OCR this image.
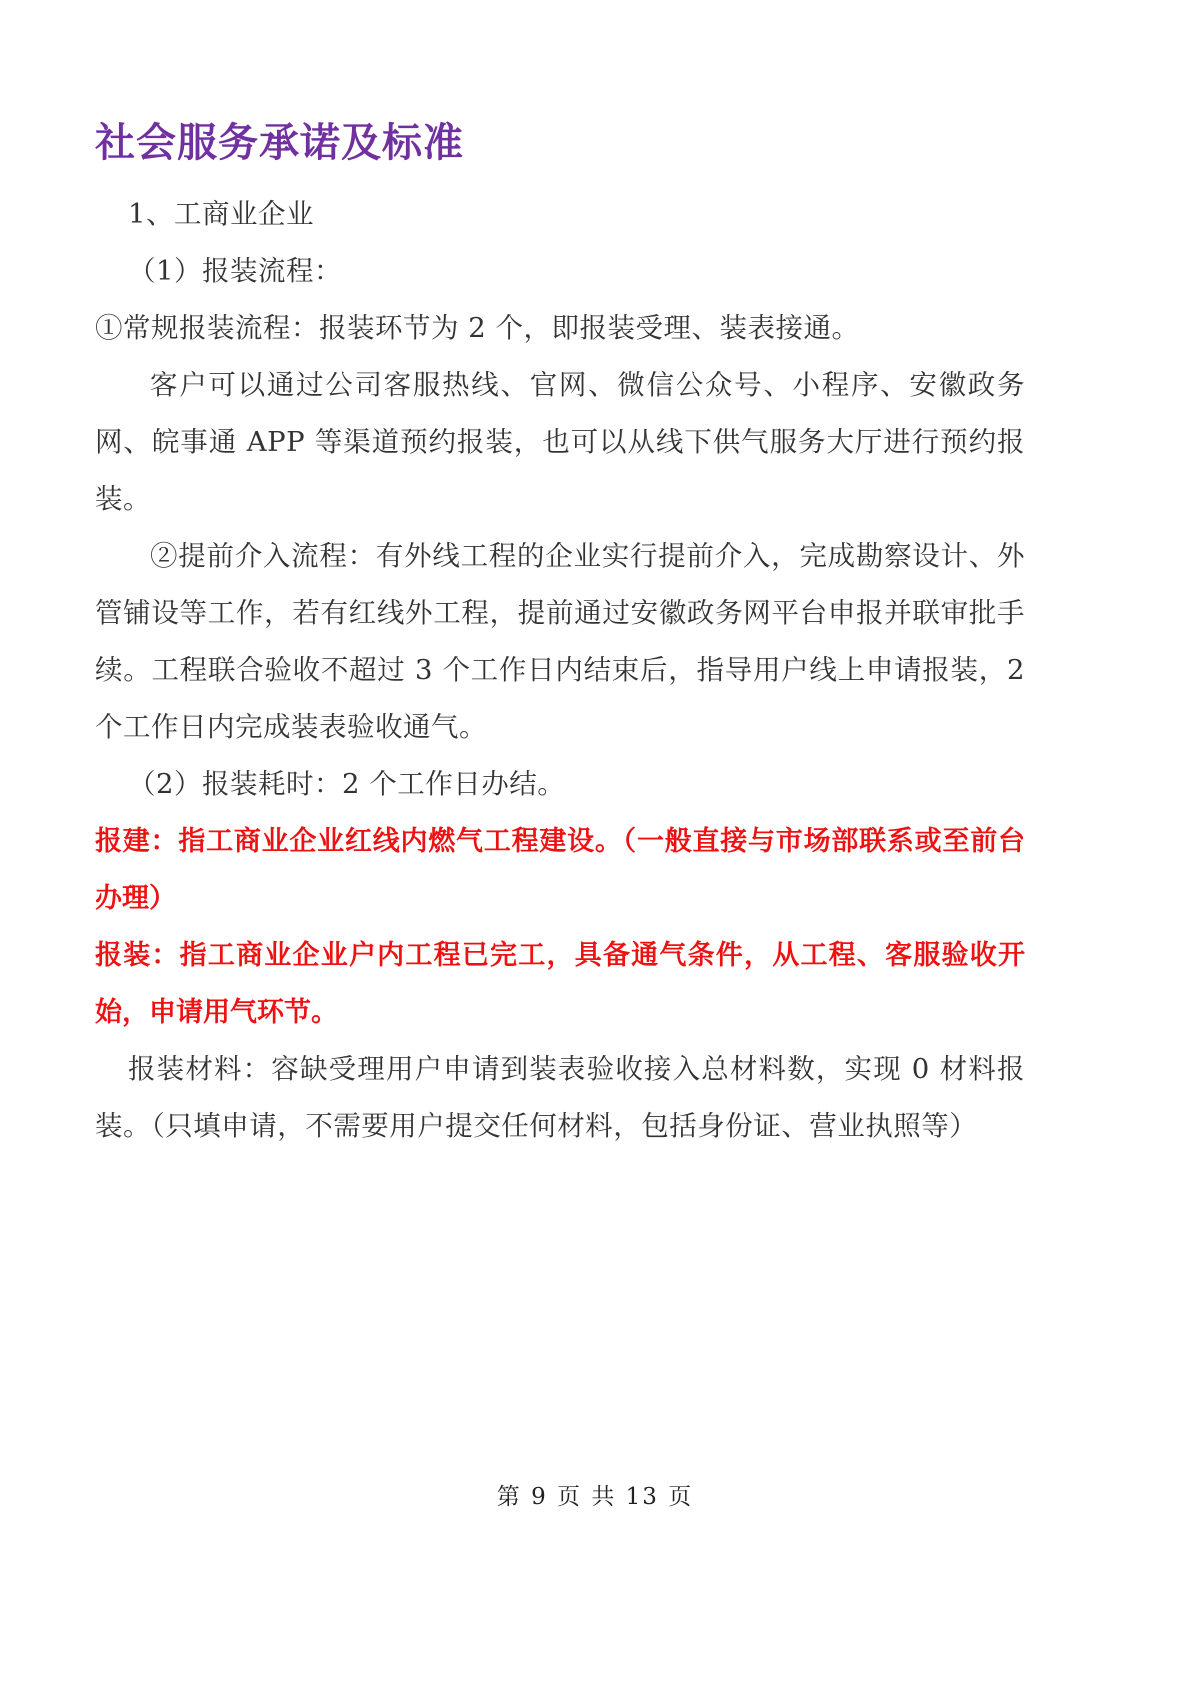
社会服务承诺及标准

1、工商业企业

（1）报装流程：

①常规报装流程：报装环节为 2 个，即报装受理、装表接通。

客户可以通过公司客服热线、官网、微信公众号、小程序、安徽政务网、皖事通 APP 等渠道预约报装，也可以从线下供气服务大厅进行预约报装。

②提前介入流程：有外线工程的企业实行提前介入，完成勘察设计、外管铺设等工作，若有红线外工程，提前通过安徽政务网平台申报并联审批手续。工程联合验收不超过 3 个工作日内结束后，指导用户线上申请报装，2 个工作日内完成装表验收通气。

（2）报装耗时：2 个工作日办结。

报建：指工商业企业红线内燃气工程建设。（一般直接与市场部联系或至前台办理）

报装：指工商业企业户内工程已完工，具备通气条件，从工程、客服验收开始，申请用气环节。

报装材料：容缺受理用户申请到装表验收接入总材料数，实现 0 材料报装。（只填申请，不需要用户提交任何材料，包括身份证、营业执照等）

第 9 页 共 13 页
